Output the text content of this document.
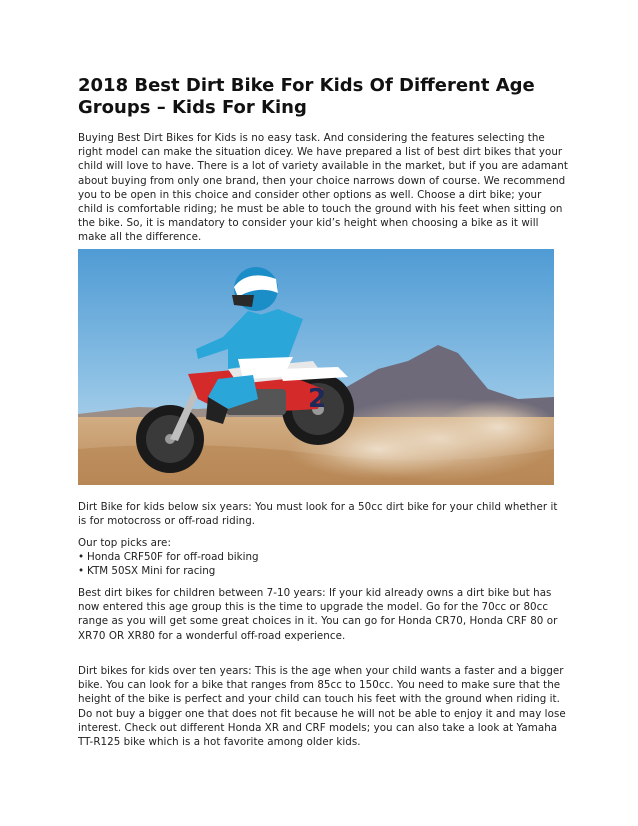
2018 Best Dirt Bike For Kids Of Different Age Groups – Kids For King

Buying Best Dirt Bikes for Kids is no easy task. And considering the features selecting the right model can make the situation dicey. We have prepared a list of best dirt bikes that your child will love to have. There is a lot of variety available in the market, but if you are adamant about buying from only one brand, then your choice narrows down of course. We recommend you to be open in this choice and consider other options as well. Choose a dirt bike; your child is comfortable riding; he must be able to touch the ground with his feet when sitting on the bike. So, it is mandatory to consider your kid’s height when choosing a bike as it will make all the difference.

2

Dirt Bike for kids below six years: You must look for a 50cc dirt bike for your child whether it is for motocross or off-road riding.

Our top picks are:

• Honda CRF50F for off-road biking
• KTM 50SX Mini for racing

Best dirt bikes for children between 7-10 years: If your kid already owns a dirt bike but has now entered this age group this is the time to upgrade the model. Go for the 70cc or 80cc range as you will get some great choices in it. You can go for Honda CR70, Honda CRF 80 or XR70 OR XR80 for a wonderful off-road experience.

Dirt bikes for kids over ten years: This is the age when your child wants a faster and a bigger bike. You can look for a bike that ranges from 85cc to 150cc. You need to make sure that the height of the bike is perfect and your child can touch his feet with the ground when riding it. Do not buy a bigger one that does not fit because he will not be able to enjoy it and may lose interest. Check out different Honda XR and CRF models; you can also take a look at Yamaha TT-R125 bike which is a hot favorite among older kids.
